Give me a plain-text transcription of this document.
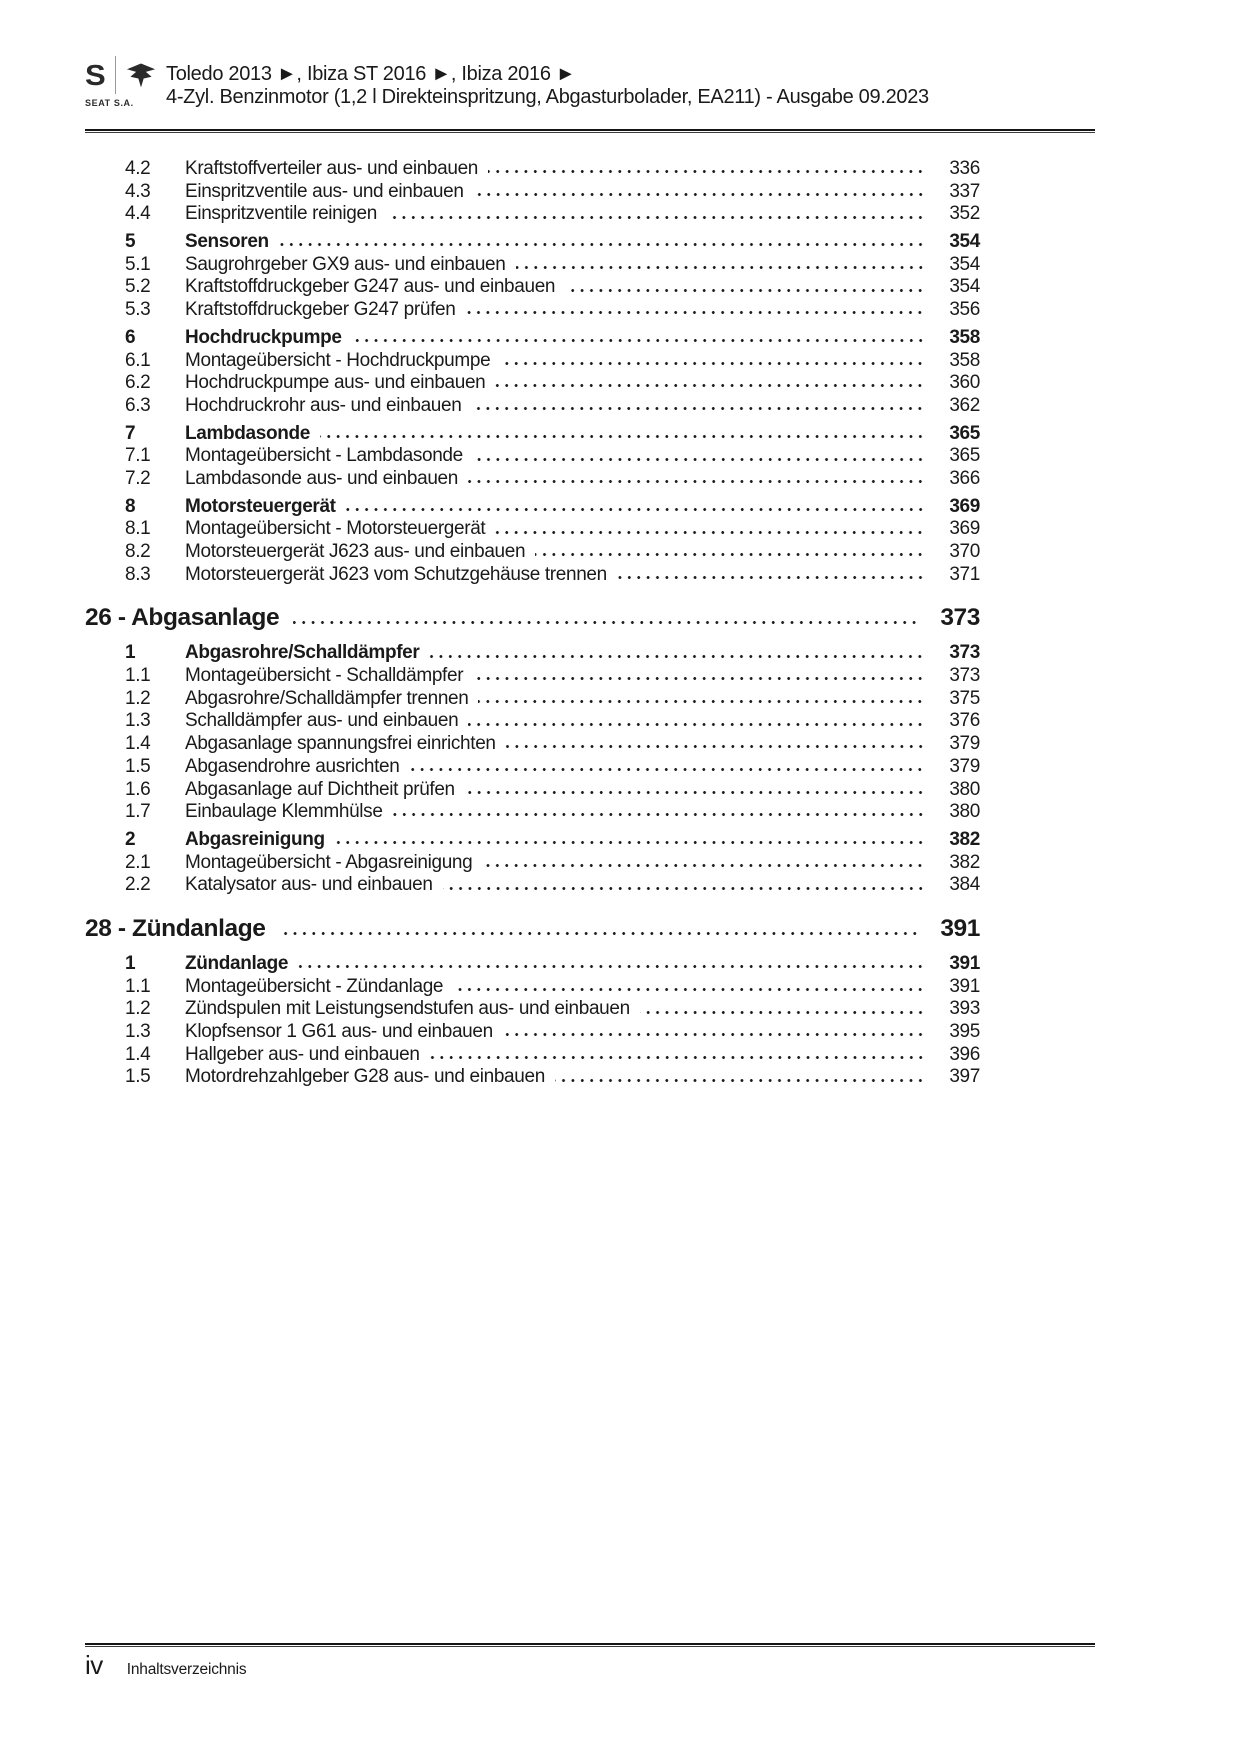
S
SEAT S.A.
Toledo 2013 ►, Ibiza ST 2016 ►, Ibiza 2016 ►
4-Zyl. Benzinmotor (1,2 l Direkteinspritzung, Abgasturbolader, EA211) - Ausgabe 09.2023
4.2	Kraftstoffverteiler aus- und einbauen	336
4.3	Einspritzventile aus- und einbauen	337
4.4	Einspritzventile reinigen	352
5	Sensoren	354
5.1	Saugrohrgeber GX9 aus- und einbauen	354
5.2	Kraftstoffdruckgeber G247 aus- und einbauen	354
5.3	Kraftstoffdruckgeber G247 prüfen	356
6	Hochdruckpumpe	358
6.1	Montageübersicht - Hochdruckpumpe	358
6.2	Hochdruckpumpe aus- und einbauen	360
6.3	Hochdruckrohr aus- und einbauen	362
7	Lambdasonde	365
7.1	Montageübersicht - Lambdasonde	365
7.2	Lambdasonde aus- und einbauen	366
8	Motorsteuergerät	369
8.1	Montageübersicht - Motorsteuergerät	369
8.2	Motorsteuergerät J623 aus- und einbauen	370
8.3	Motorsteuergerät J623 vom Schutzgehäuse trennen	371
26 - Abgasanlage	373
1	Abgasrohre/Schalldämpfer	373
1.1	Montageübersicht - Schalldämpfer	373
1.2	Abgasrohre/Schalldämpfer trennen	375
1.3	Schalldämpfer aus- und einbauen	376
1.4	Abgasanlage spannungsfrei einrichten	379
1.5	Abgasendrohre ausrichten	379
1.6	Abgasanlage auf Dichtheit prüfen	380
1.7	Einbaulage Klemmhülse	380
2	Abgasreinigung	382
2.1	Montageübersicht - Abgasreinigung	382
2.2	Katalysator aus- und einbauen	384
28 - Zündanlage	391
1	Zündanlage	391
1.1	Montageübersicht - Zündanlage	391
1.2	Zündspulen mit Leistungsendstufen aus- und einbauen	393
1.3	Klopfsensor 1 G61 aus- und einbauen	395
1.4	Hallgeber aus- und einbauen	396
1.5	Motordrehzahlgeber G28 aus- und einbauen	397
iv Inhaltsverzeichnis
